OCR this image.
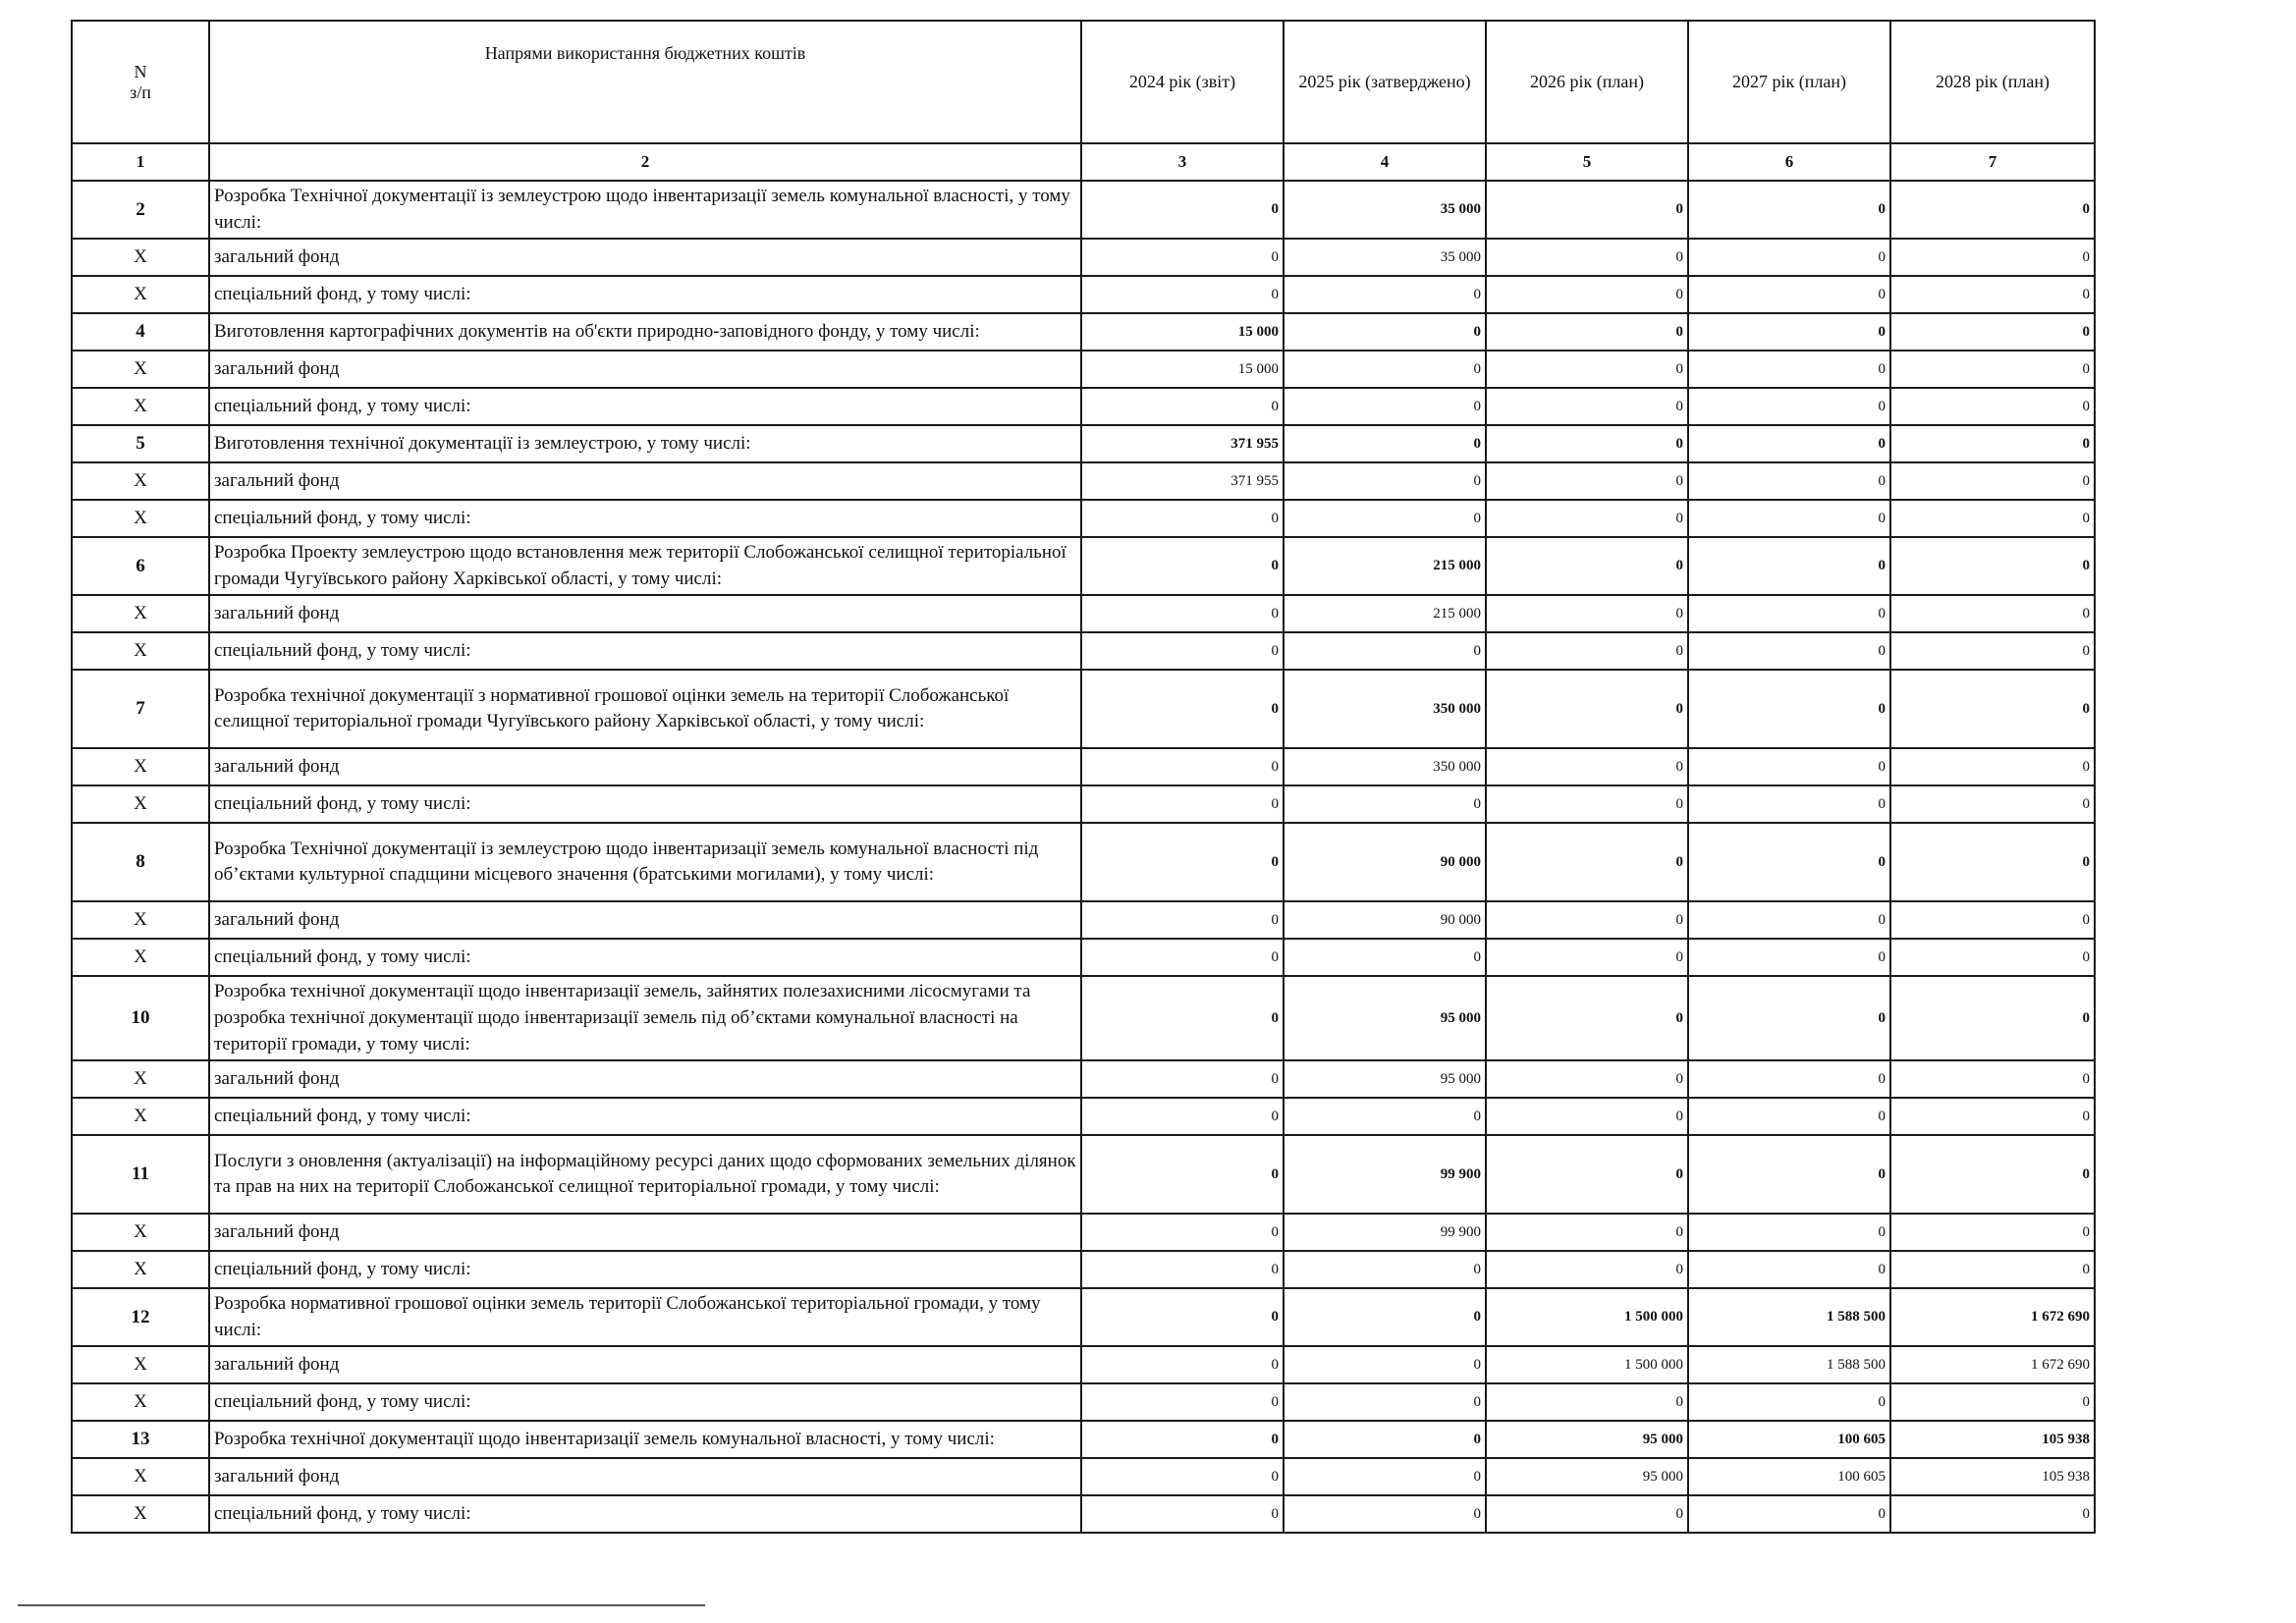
N
з/п	Напрями використання бюджетних коштів	2024 рік (звіт)	2025 рік (затверджено)	2026 рік (план)	2027 рік (план)	2028 рік (план)
1	2	3	4	5	6	7
2	Розробка Технічної документації із землеустрою щодо інвентаризації земель комунальної власності, у тому числі:	0	35 000	0	0	0
X	загальний фонд	0	35 000	0	0	0
X	спеціальний фонд, у тому числі:	0	0	0	0	0
4	Виготовлення картографічних документів на об'єкти природно-заповідного фонду, у тому числі:	15 000	0	0	0	0
X	загальний фонд	15 000	0	0	0	0
X	спеціальний фонд, у тому числі:	0	0	0	0	0
5	Виготовлення технічної документації із землеустрою, у тому числі:	371 955	0	0	0	0
X	загальний фонд	371 955	0	0	0	0
X	спеціальний фонд, у тому числі:	0	0	0	0	0
6	Розробка Проекту землеустрою щодо встановлення меж території Слобожанської селищної територіальної громади Чугуївського району Харківської області, у тому числі:	0	215 000	0	0	0
X	загальний фонд	0	215 000	0	0	0
X	спеціальний фонд, у тому числі:	0	0	0	0	0
7	Розробка технічної документації з нормативної грошової оцінки земель на території Слобожанської селищної територіальної громади Чугуївського району Харківської області, у тому числі:	0	350 000	0	0	0
X	загальний фонд	0	350 000	0	0	0
X	спеціальний фонд, у тому числі:	0	0	0	0	0
8	Розробка Технічної документації із землеустрою щодо інвентаризації земель комунальної власності під об’єктами культурної спадщини місцевого значення (братськими могилами), у тому числі:	0	90 000	0	0	0
X	загальний фонд	0	90 000	0	0	0
X	спеціальний фонд, у тому числі:	0	0	0	0	0
10	Розробка технічної документації щодо інвентаризації земель, зайнятих полезахисними лісосмугами та розробка технічної документації щодо інвентаризації земель під об’єктами комунальної власності на території громади, у тому числі:	0	95 000	0	0	0
X	загальний фонд	0	95 000	0	0	0
X	спеціальний фонд, у тому числі:	0	0	0	0	0
11	Послуги з оновлення (актуалізації) на інформаційному ресурсі даних щодо сформованих земельних ділянок та прав на них на території Слобожанської селищної територіальної громади, у тому числі:	0	99 900	0	0	0
X	загальний фонд	0	99 900	0	0	0
X	спеціальний фонд, у тому числі:	0	0	0	0	0
12	Розробка нормативної грошової оцінки земель території Слобожанської територіальної громади, у тому числі:	0	0	1 500 000	1 588 500	1 672 690
X	загальний фонд	0	0	1 500 000	1 588 500	1 672 690
X	спеціальний фонд, у тому числі:	0	0	0	0	0
13	Розробка технічної документації щодо інвентаризації земель комунальної власності, у тому числі:	0	0	95 000	100 605	105 938
X	загальний фонд	0	0	95 000	100 605	105 938
X	спеціальний фонд, у тому числі:	0	0	0	0	0
